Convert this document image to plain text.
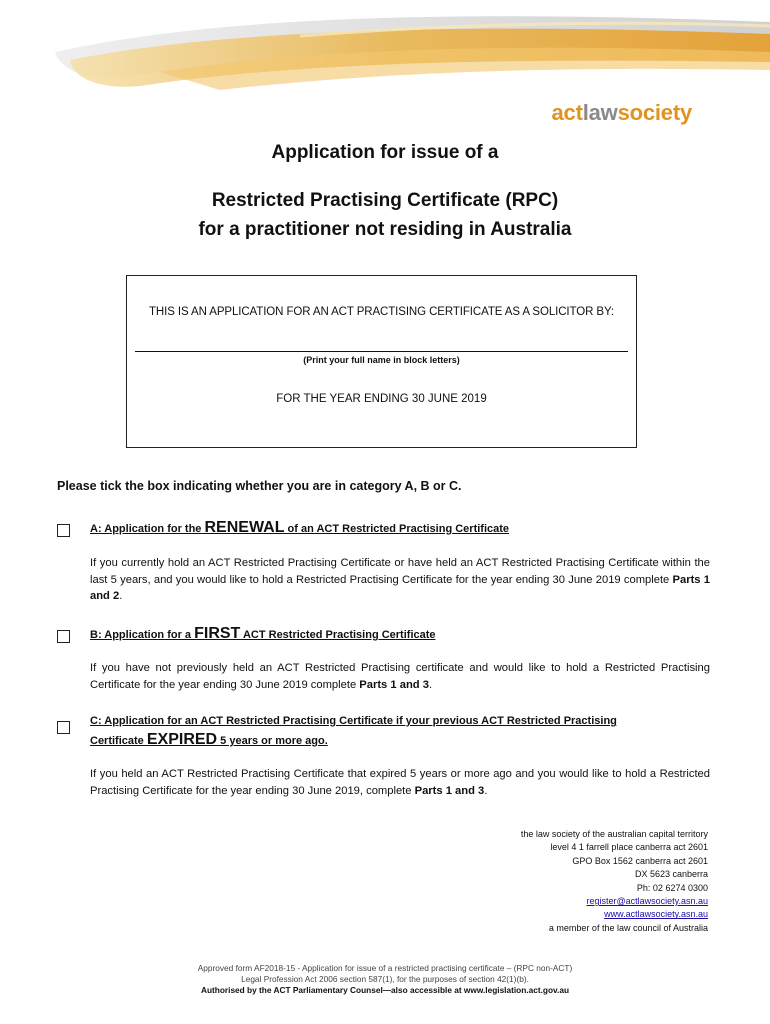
actlawsociety
Application for issue of a
Restricted Practising Certificate (RPC)
for a practitioner not residing in Australia
THIS IS AN APPLICATION FOR AN ACT PRACTISING CERTIFICATE AS A SOLICITOR BY:
(Print your full name in block letters)
FOR THE YEAR ENDING 30 JUNE 2019
Please tick the box indicating whether you are in category A, B or C.
A: Application for the RENEWAL of an ACT Restricted Practising Certificate
If you currently hold an ACT Restricted Practising Certificate or have held an ACT Restricted Practising Certificate within the last 5 years, and you would like to hold a Restricted Practising Certificate for the year ending 30 June 2019 complete Parts 1 and 2.
B: Application for a FIRST ACT Restricted Practising Certificate
If you have not previously held an ACT Restricted Practising certificate and would like to hold a Restricted Practising Certificate for the year ending 30 June 2019 complete Parts 1 and 3.
C: Application for an ACT Restricted Practising Certificate if your previous ACT Restricted Practising
Certificate EXPIRED 5 years or more ago.
If you held an ACT Restricted Practising Certificate that expired 5 years or more ago and you would like to hold a Restricted Practising Certificate for the year ending 30 June 2019, complete Parts 1 and 3.
the law society of the australian capital territory
level 4 1 farrell place canberra act 2601
GPO Box 1562 canberra act 2601
DX 5623 canberra
Ph: 02 6274 0300
register@actlawsociety.asn.au
www.actlawsociety.asn.au
a member of the law council of Australia
Approved form AF2018-15 - Application for issue of a restricted practising certificate – (RPC non-ACT)
Legal Profession Act 2006 section 587(1), for the purposes of section 42(1)(b).
Authorised by the ACT Parliamentary Counsel—also accessible at www.legislation.act.gov.au
